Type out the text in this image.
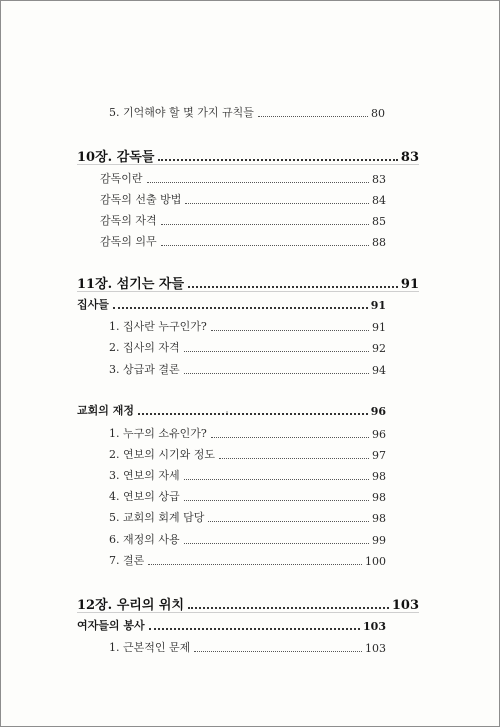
5. 기억해야 할 몇 가지 규칙들	80
10장. 감독들	83
감독이란	83
감독의 선출 방법	84
감독의 자격	85
감독의 의무	88
11장. 섬기는 자들	91
집사들	91
1. 집사란 누구인가?	91
2. 집사의 자격	92
3. 상급과 결론	94
교회의 재정	96
1. 누구의 소유인가?	96
2. 연보의 시기와 정도	97
3. 연보의 자세	98
4. 연보의 상급	98
5. 교회의 회계 담당	98
6. 재정의 사용	99
7. 결론	100
12장. 우리의 위치	103
여자들의 봉사	103
1. 근본적인 문제	103
